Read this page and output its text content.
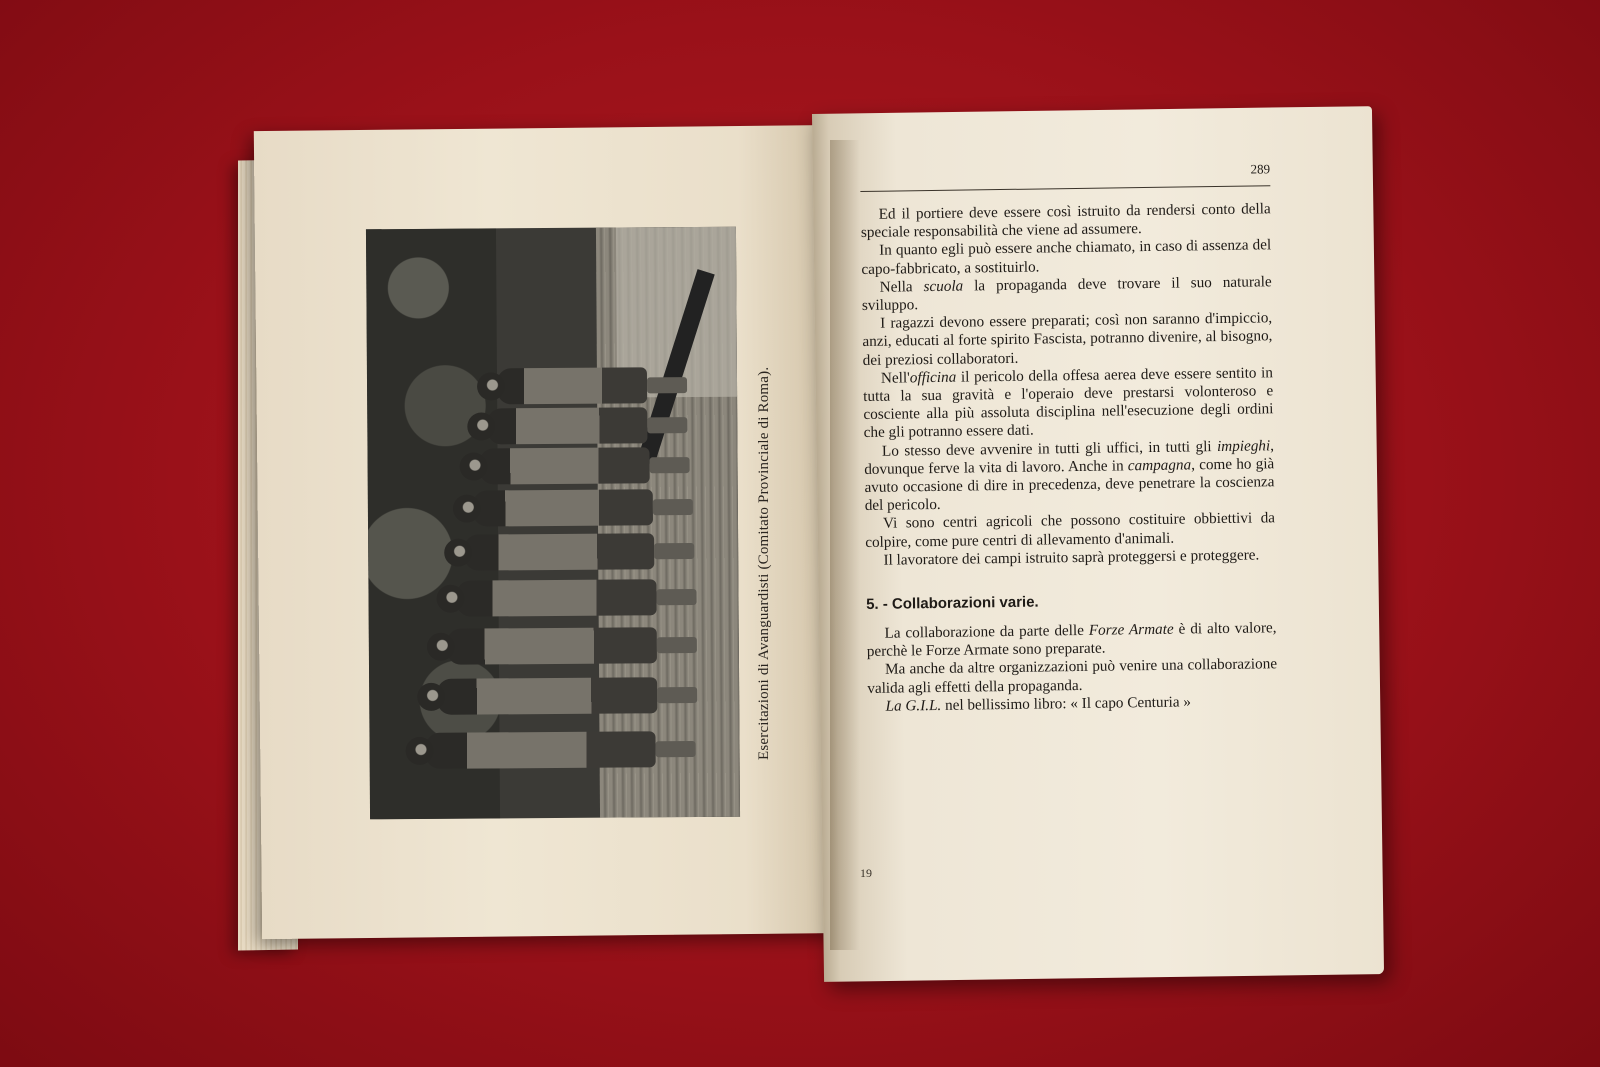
Esercitazioni di Avanguardisti (Comitato Provinciale di Roma).
19
289

Ed il portiere deve essere così istruito da rendersi conto della speciale responsabilità che viene ad assumere.

In quanto egli può essere anche chiamato, in caso di assenza del capo-fabbricato, a sostituirlo.

Nella scuola la propaganda deve trovare il suo naturale sviluppo.

I ragazzi devono essere preparati; così non saranno d'impiccio, anzi, educati al forte spirito Fascista, potranno divenire, al bisogno, dei preziosi collaboratori.

Nell'officina il pericolo della offesa aerea deve essere sentito in tutta la sua gravità e l'operaio deve prestarsi volonteroso e cosciente alla più assoluta disciplina nell'esecuzione degli ordini che gli potranno essere dati.

Lo stesso deve avvenire in tutti gli uffici, in tutti gli impieghi, dovunque ferve la vita di lavoro. Anche in campagna, come ho già avuto occasione di dire in precedenza, deve penetrare la coscienza del pericolo.

Vi sono centri agricoli che possono costituire obbiettivi da colpire, come pure centri di allevamento d'animali.

Il lavoratore dei campi istruito saprà proteggersi e proteggere.

5. - Collaborazioni varie.

La collaborazione da parte delle Forze Armate è di alto valore, perchè le Forze Armate sono preparate.

Ma anche da altre organizzazioni può venire una collaborazione valida agli effetti della propaganda.

La G.I.L. nel bellissimo libro: « Il capo Centuria »
